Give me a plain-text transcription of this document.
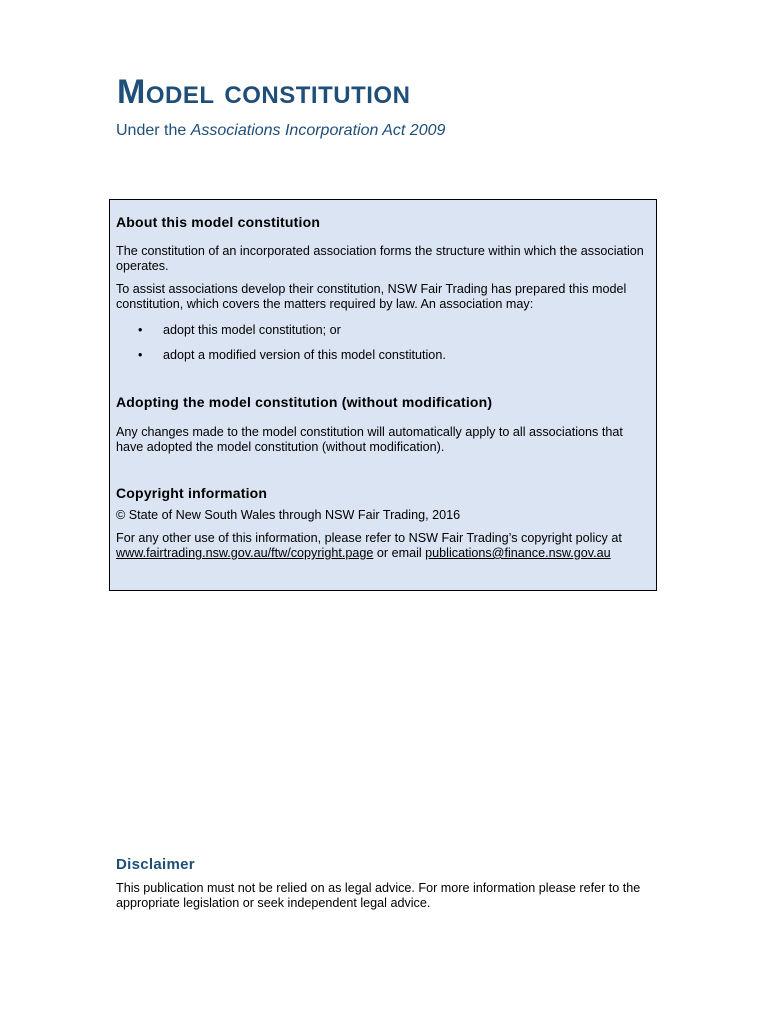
Model constitution

Under the Associations Incorporation Act 2009

About this model constitution

The constitution of an incorporated association forms the structure within which the association operates.

To assist associations develop their constitution, NSW Fair Trading has prepared this model constitution, which covers the matters required by law. An association may:

• adopt this model constitution; or
• adopt a modified version of this model constitution.
Adopting the model constitution (without modification)

Any changes made to the model constitution will automatically apply to all associations that have adopted the model constitution (without modification).

Copyright information

© State of New South Wales through NSW Fair Trading, 2016

For any other use of this information, please refer to NSW Fair Trading’s copyright policy at www.fairtrading.nsw.gov.au/ftw/copyright.page or email publications@finance.nsw.gov.au

Disclaimer

This publication must not be relied on as legal advice. For more information please refer to the appropriate legislation or seek independent legal advice.
